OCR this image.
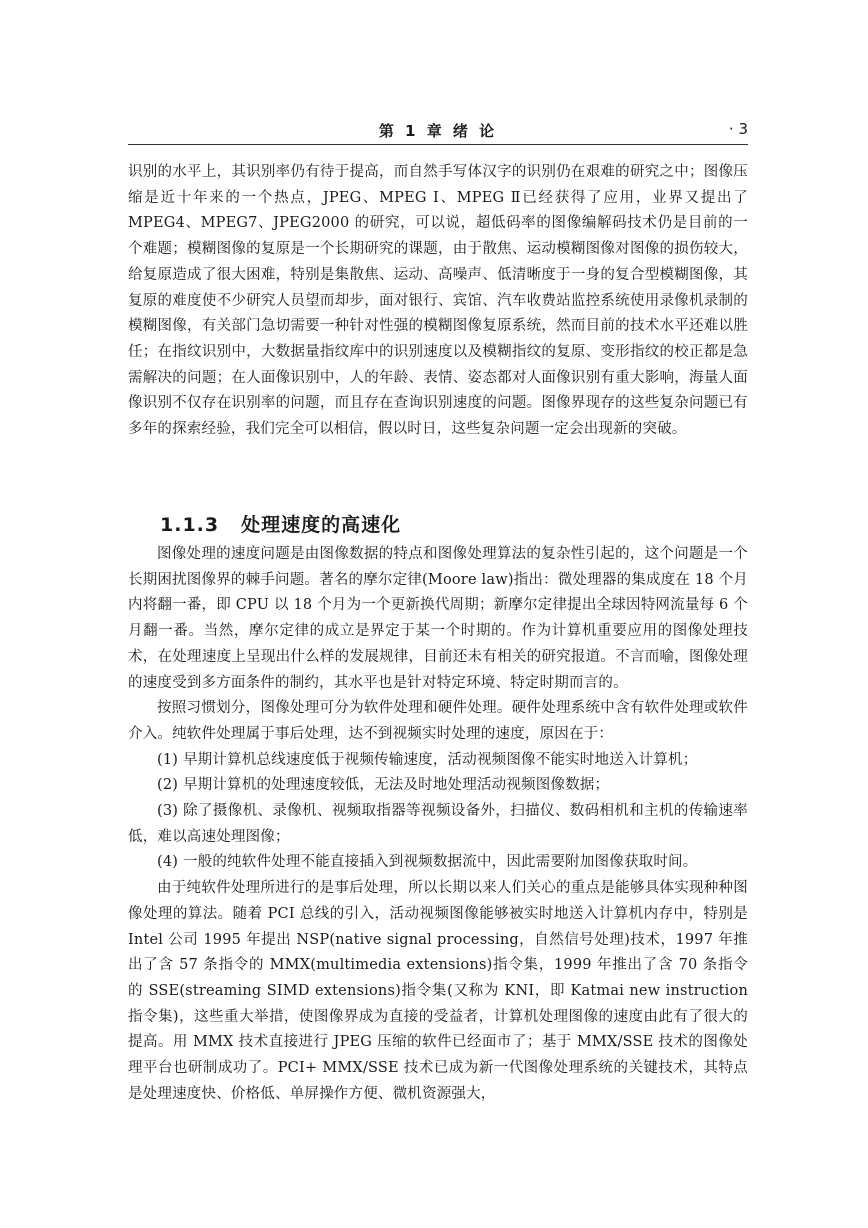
第 1 章 绪 论	· 3

识别的水平上，其识别率仍有待于提高，而自然手写体汉字的识别仍在艰难的研究之中；图像压缩是近十年来的一个热点，JPEG、MPEG Ⅰ、MPEG Ⅱ已经获得了应用，业界又提出了 MPEG4、MPEG7、JPEG2000 的研究，可以说，超低码率的图像编解码技术仍是目前的一个难题；模糊图像的复原是一个长期研究的课题，由于散焦、运动模糊图像对图像的损伤较大，给复原造成了很大困难，特别是集散焦、运动、高噪声、低清晰度于一身的复合型模糊图像，其复原的难度使不少研究人员望而却步，面对银行、宾馆、汽车收费站监控系统使用录像机录制的模糊图像，有关部门急切需要一种针对性强的模糊图像复原系统，然而目前的技术水平还难以胜任；在指纹识别中，大数据量指纹库中的识别速度以及模糊指纹的复原、变形指纹的校正都是急需解决的问题；在人面像识别中，人的年龄、表情、姿态都对人面像识别有重大影响，海量人面像识别不仅存在识别率的问题，而且存在查询识别速度的问题。图像界现存的这些复杂问题已有多年的探索经验，我们完全可以相信，假以时日，这些复杂问题一定会出现新的突破。

1.1.3 处理速度的高速化

图像处理的速度问题是由图像数据的特点和图像处理算法的复杂性引起的，这个问题是一个长期困扰图像界的棘手问题。著名的摩尔定律(Moore law)指出：微处理器的集成度在 18 个月内将翻一番，即 CPU 以 18 个月为一个更新换代周期；新摩尔定律提出全球因特网流量每 6 个月翻一番。当然，摩尔定律的成立是界定于某一个时期的。作为计算机重要应用的图像处理技术，在处理速度上呈现出什么样的发展规律，目前还未有相关的研究报道。不言而喻，图像处理的速度受到多方面条件的制约，其水平也是针对特定环境、特定时期而言的。

按照习惯划分，图像处理可分为软件处理和硬件处理。硬件处理系统中含有软件处理或软件介入。纯软件处理属于事后处理，达不到视频实时处理的速度，原因在于：

(1) 早期计算机总线速度低于视频传输速度，活动视频图像不能实时地送入计算机；

(2) 早期计算机的处理速度较低，无法及时地处理活动视频图像数据；

(3) 除了摄像机、录像机、视频取指器等视频设备外，扫描仪、数码相机和主机的传输速率低，难以高速处理图像；

(4) 一般的纯软件处理不能直接插入到视频数据流中，因此需要附加图像获取时间。

由于纯软件处理所进行的是事后处理，所以长期以来人们关心的重点是能够具体实现种种图像处理的算法。随着 PCI 总线的引入，活动视频图像能够被实时地送入计算机内存中，特别是 Intel 公司 1995 年提出 NSP(native signal processing，自然信号处理)技术，1997 年推出了含 57 条指令的 MMX(multimedia extensions)指令集，1999 年推出了含 70 条指令的 SSE(streaming SIMD extensions)指令集(又称为 KNI，即 Katmai new instruction 指令集)，这些重大举措，使图像界成为直接的受益者，计算机处理图像的速度由此有了很大的提高。用 MMX 技术直接进行 JPEG 压缩的软件已经面市了；基于 MMX/SSE 技术的图像处理平台也研制成功了。PCI+ MMX/SSE 技术已成为新一代图像处理系统的关键技术，其特点是处理速度快、价格低、单屏操作方便、微机资源强大，
